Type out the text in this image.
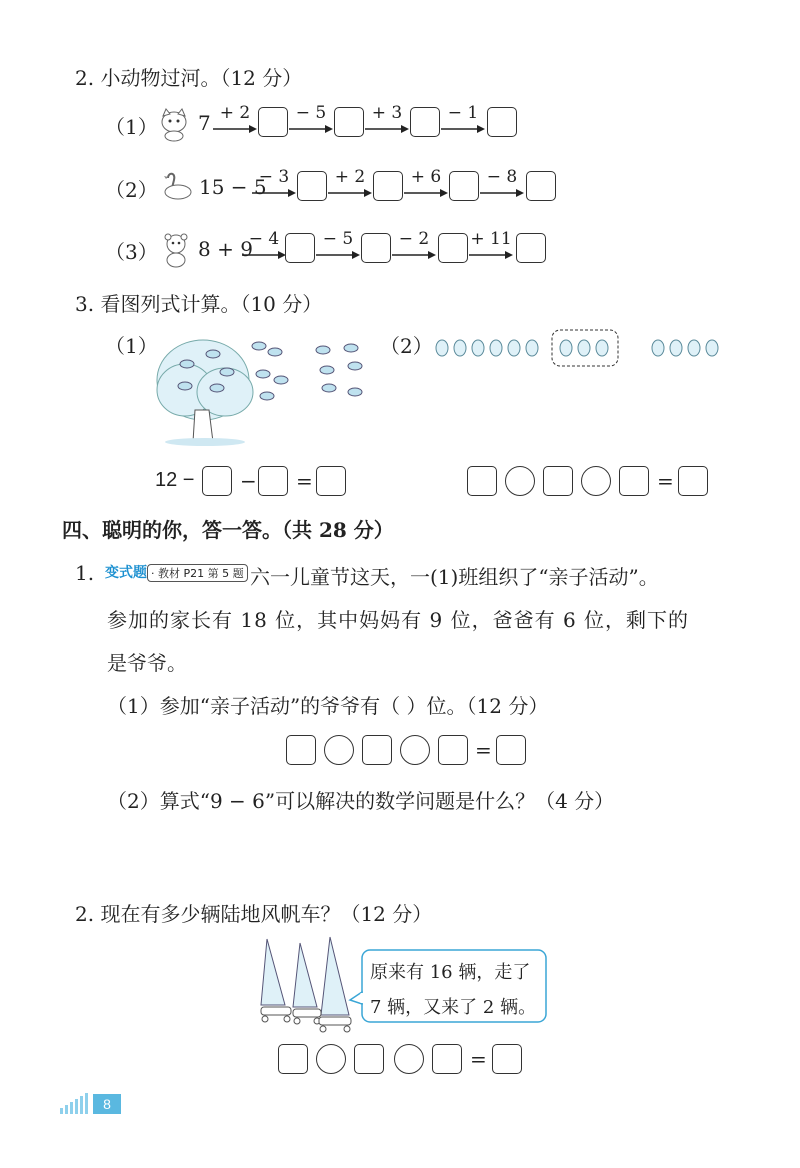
2. 小动物过河。（12 分）
（1） 7 + 2	− 5	+ 3	− 1
（2） 15 − 5
− 3	+ 2	+ 6	− 8
（3） 8 + 9
− 4	− 5	− 2	+ 11
3. 看图列式计算。（10 分）
（1）	（2）
12 − − =	=
四、聪明的你，答一答。（共 28 分）
1. 变式题 · 教材 P21 第 5 题 六一儿童节这天，一(1)班组织了“亲子活动”。
参加的家长有 18 位，其中妈妈有 9 位，爸爸有 6 位，剩下的
是爷爷。
（1）参加“亲子活动”的爷爷有（ ）位。（12 分）
=
（2）算式“9 − 6”可以解决的数学问题是什么？（4 分）
2. 现在有多少辆陆地风帆车？（12 分）
原来有 16 辆，走了
7 辆，又来了 2 辆。
=
8
